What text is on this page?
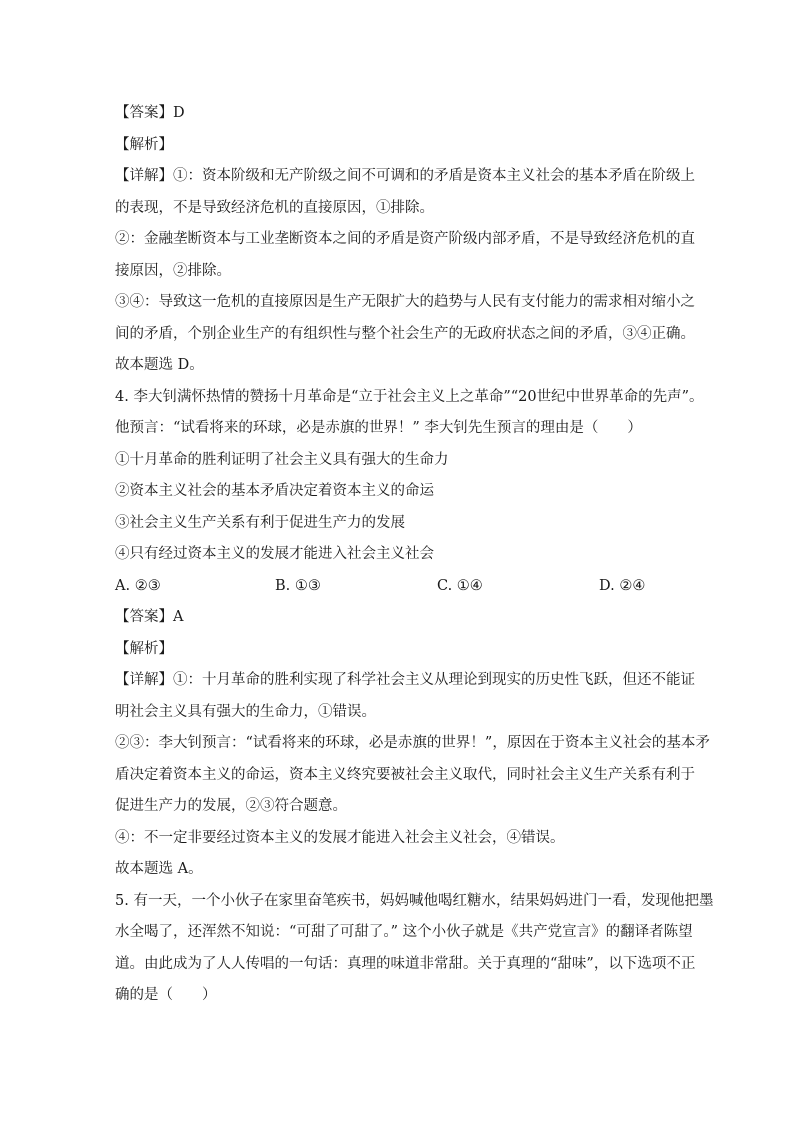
【答案】D
【解析】
【详解】①：资本阶级和无产阶级之间不可调和的矛盾是资本主义社会的基本矛盾在阶级上
的表现，不是导致经济危机的直接原因，①排除。
②：金融垄断资本与工业垄断资本之间的矛盾是资产阶级内部矛盾，不是导致经济危机的直
接原因，②排除。
③④：导致这一危机的直接原因是生产无限扩大的趋势与人民有支付能力的需求相对缩小之
间的矛盾，个别企业生产的有组织性与整个社会生产的无政府状态之间的矛盾，③④正确。
故本题选 D。
4. 李大钊满怀热情的赞扬十月革命是“立于社会主义上之革命”“20世纪中世界革命的先声”。
他预言：“试看将来的环球，必是赤旗的世界！” 李大钊先生预言的理由是（　　）
①十月革命的胜利证明了社会主义具有强大的生命力
②资本主义社会的基本矛盾决定着资本主义的命运
③社会主义生产关系有利于促进生产力的发展
④只有经过资本主义的发展才能进入社会主义社会
A. ②③	B. ①③	C. ①④	D. ②④
【答案】A
【解析】
【详解】①：十月革命的胜利实现了科学社会主义从理论到现实的历史性飞跃，但还不能证
明社会主义具有强大的生命力，①错误。
②③：李大钊预言：“试看将来的环球，必是赤旗的世界！”，原因在于资本主义社会的基本矛
盾决定着资本主义的命运，资本主义终究要被社会主义取代，同时社会主义生产关系有利于
促进生产力的发展，②③符合题意。
④：不一定非要经过资本主义的发展才能进入社会主义社会，④错误。
故本题选 A。
5. 有一天，一个小伙子在家里奋笔疾书，妈妈喊他喝红糖水，结果妈妈进门一看，发现他把墨
水全喝了，还浑然不知说：“可甜了可甜了。” 这个小伙子就是《共产党宣言》的翻译者陈望
道。由此成为了人人传唱的一句话：真理的味道非常甜。关于真理的“甜味”，以下选项不正
确的是（　　）
